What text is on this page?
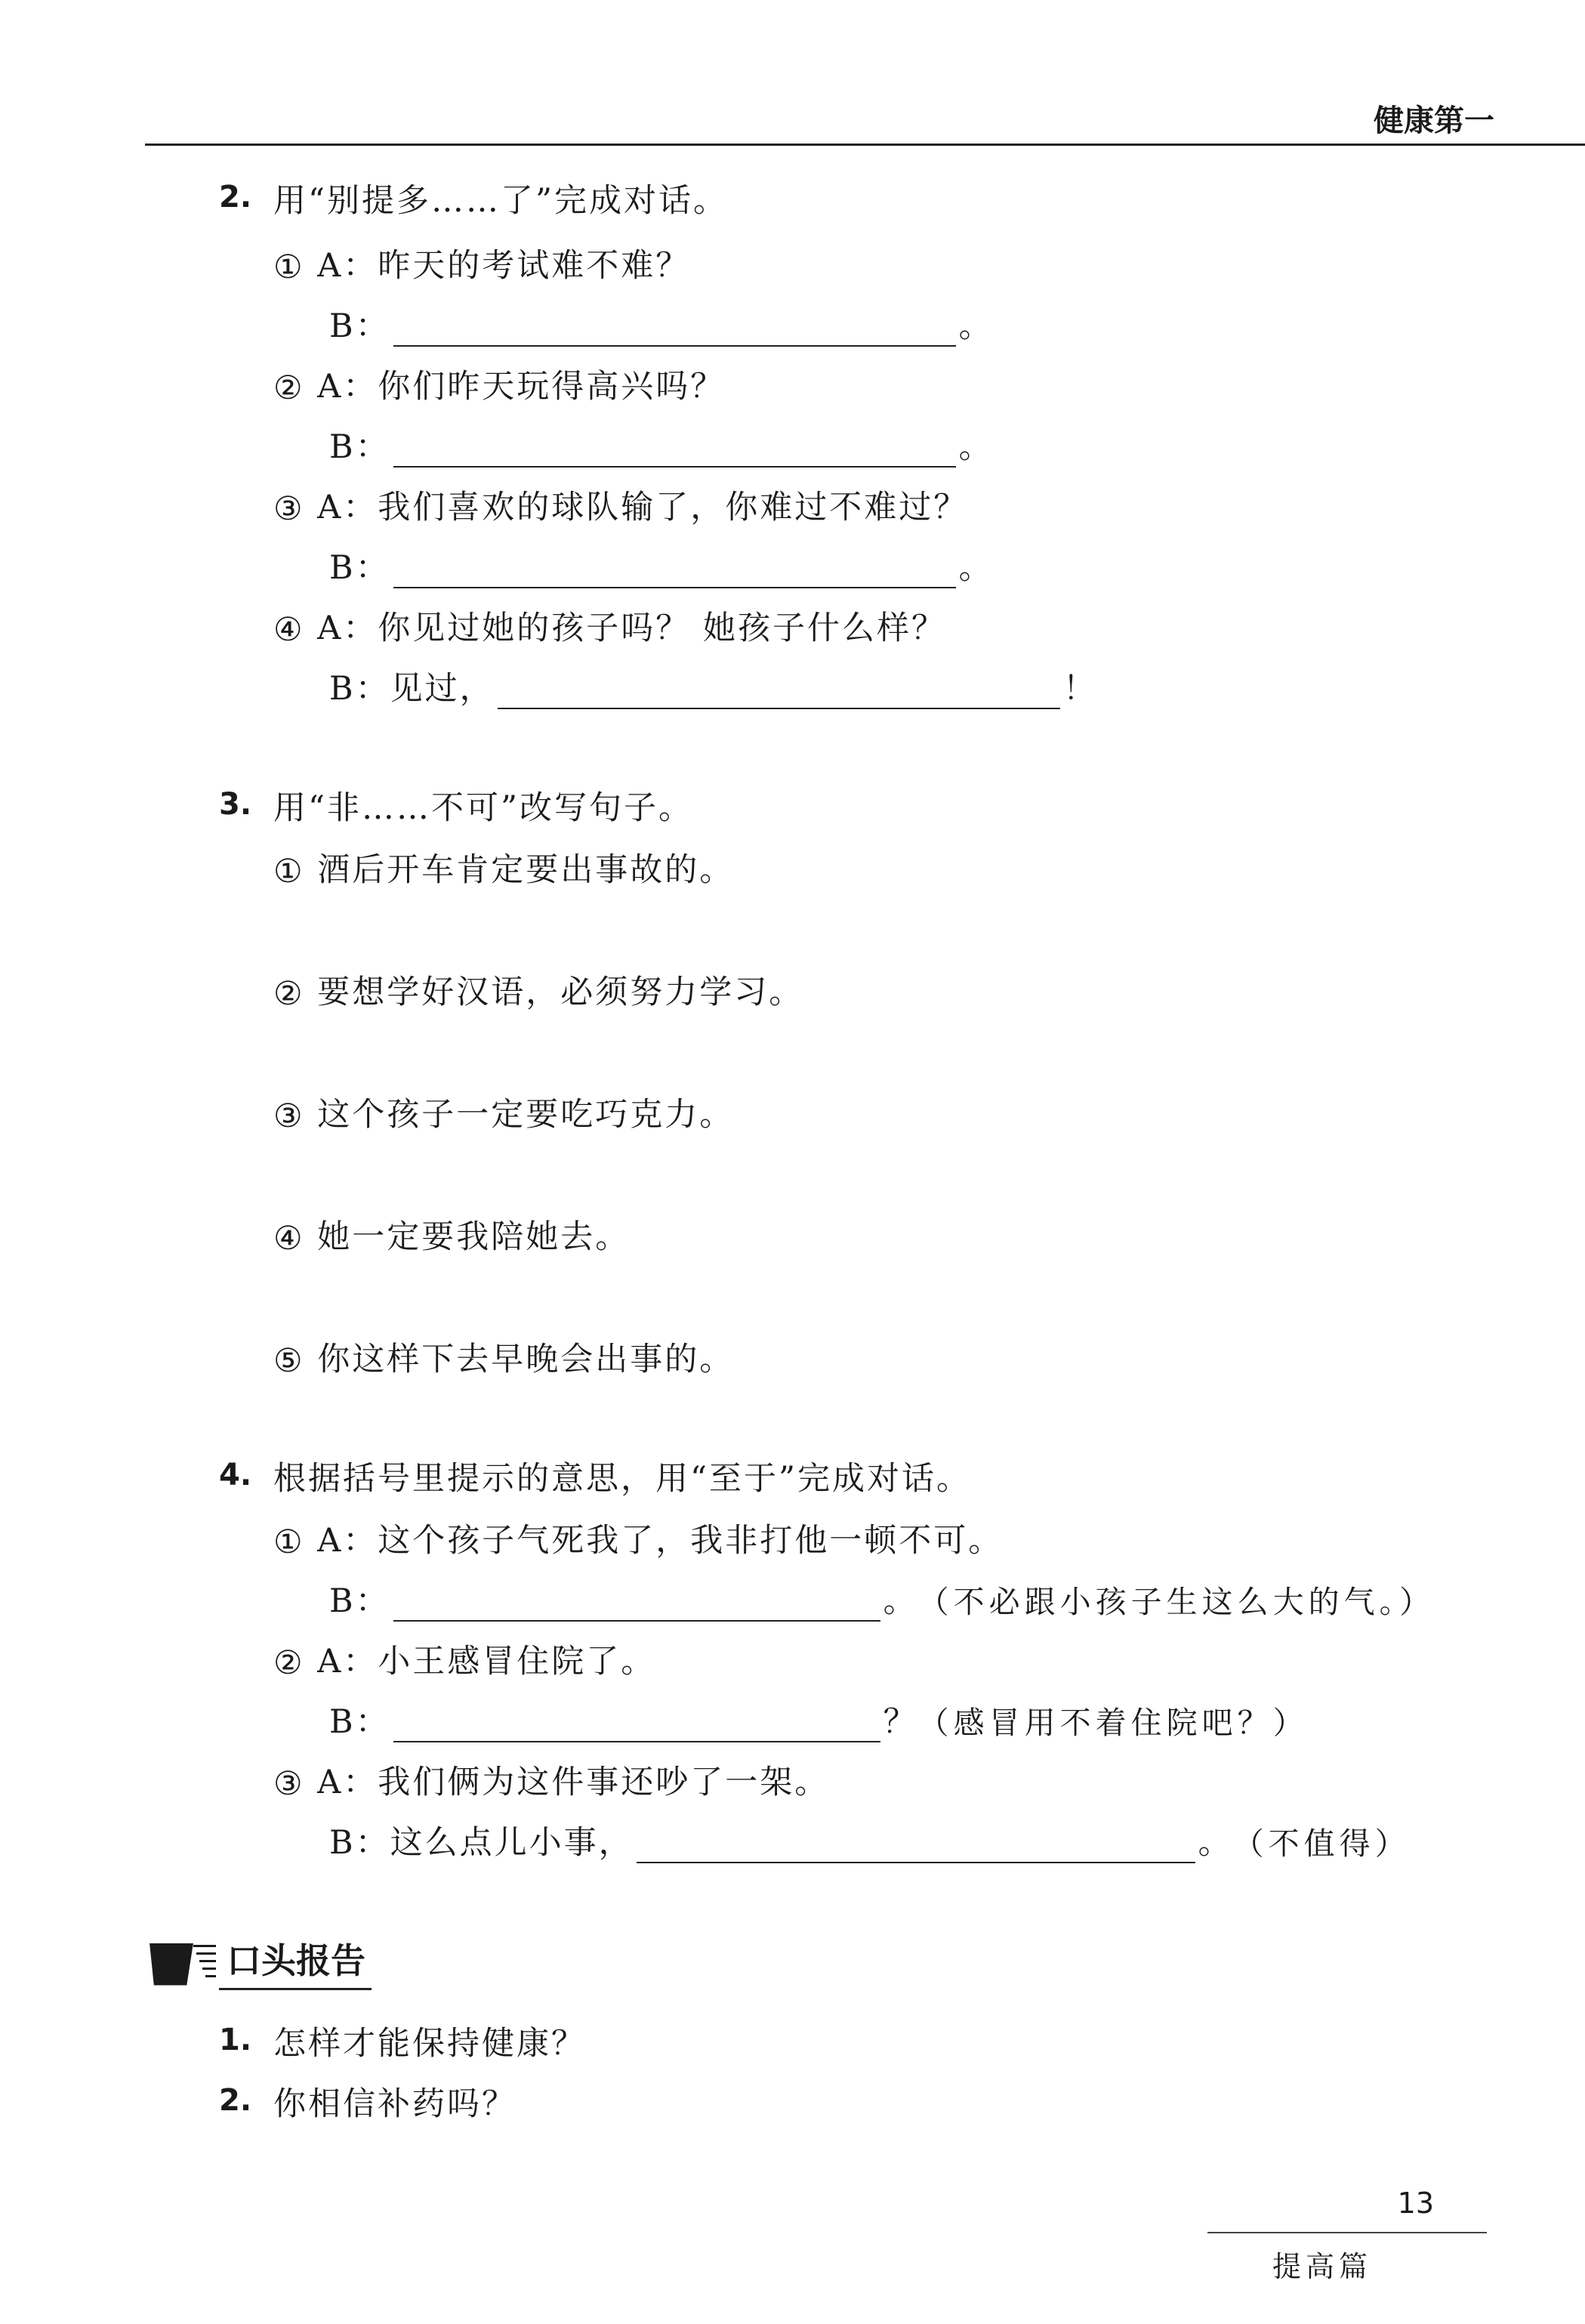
健康第一
2. 用“别提多……了”完成对话。
①
A：昨天的考试难不难？
B：	。
②
A：你们昨天玩得高兴吗？
B：	。
③
A：我们喜欢的球队输了，你难过不难过？
B：	。
④
A：你见过她的孩子吗？ 她孩子什么样？
B： 见过，	！
3. 用“非……不可”改写句子。
①
酒后开车肯定要出事故的。
②
要想学好汉语，必须努力学习。
③
这个孩子一定要吃巧克力。
④
她一定要我陪她去。
⑤
你这样下去早晚会出事的。
4. 根据括号里提示的意思，用“至于”完成对话。
①
A：这个孩子气死我了，我非打他一顿不可。
B：	。 （不必跟小孩子生这么大的气。）
②
A：小王感冒住院了。
B：	？ （感冒用不着住院吧？）
③
A：我们俩为这件事还吵了一架。
B： 这么点儿小事，	。 （不值得）
口头报告
1. 怎样才能保持健康？
2. 你相信补药吗？
13
提高篇
